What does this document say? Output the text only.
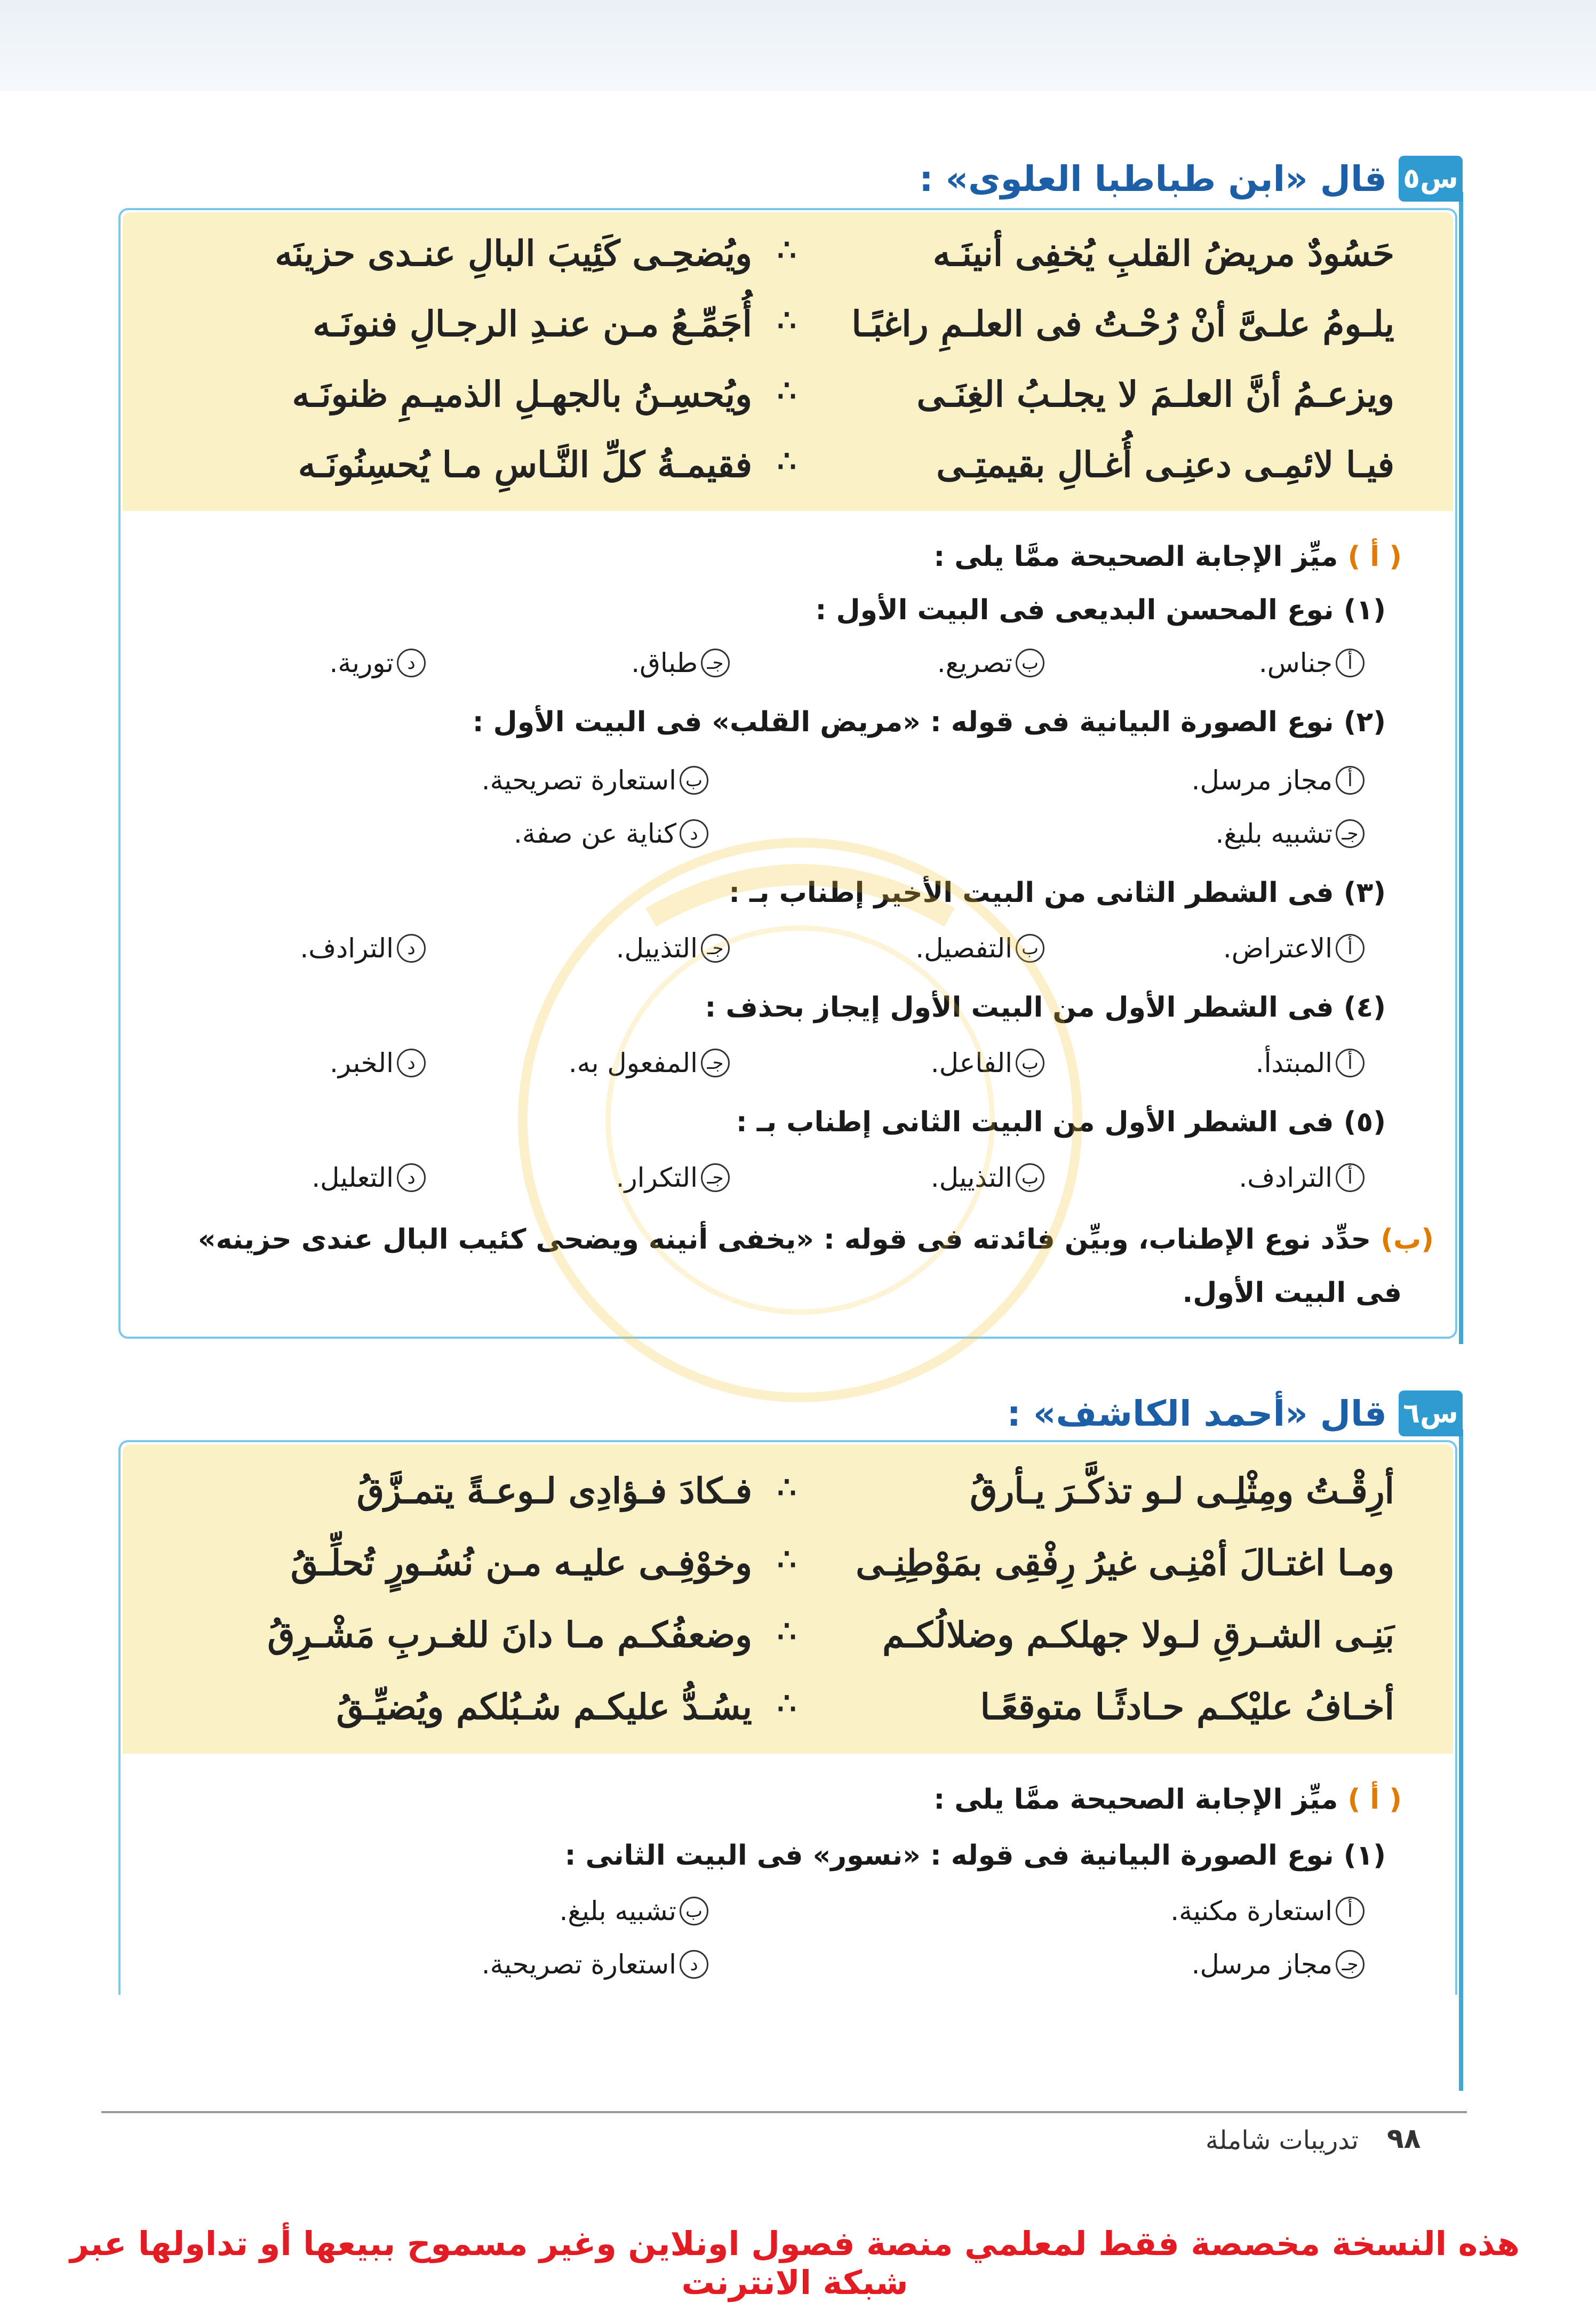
س٥
قال «ابن طباطبا العلوى» :
حَسُودٌ مريضُ القلبِ يُخفِى أنينَـه
∴
ويُضحِـى كَئِيبَ البالِ عنـدى حزينَه
يلـومُ علـىَّ أنْ رُحْـتُ فى العلـمِ راغبًـا
∴
أُجَمِّـعُ مـن عنـدِ الرجـالِ فنونَـه
ويزعـمُ أنَّ العلـمَ لا يجلـبُ الغِنَـى
∴
ويُحسِـنُ بالجهـلِ الذميـمِ ظنونَـه
فيـا لائمِـى دعنِـى أُغـالِ بقيمتِـى
∴
فقيمـةُ كلِّ النَّـاسِ مـا يُحسِنُونَـه
( أ ) ميِّز الإجابة الصحيحة ممَّا يلى :
(١) نوع المحسن البديعى فى البيت الأول :
أ
جناس.
ب
تصريع.
جـ
طباق.
د
تورية.
(٢) نوع الصورة البيانية فى قوله : «مريض القلب» فى البيت الأول :
أ
مجاز مرسل.
ب
استعارة تصريحية.
جـ
تشبيه بليغ.
د
كناية عن صفة.
(٣) فى الشطر الثانى من البيت الأخير إطناب بـ :
أ
الاعتراض.
ب
التفصيل.
جـ
التذييل.
د
الترادف.
(٤) فى الشطر الأول من البيت الأول إيجاز بحذف :
أ
المبتدأ.
ب
الفاعل.
جـ
المفعول به.
د
الخبر.
(٥) فى الشطر الأول من البيت الثانى إطناب بـ :
أ
الترادف.
ب
التذييل.
جـ
التكرار.
د
التعليل.
(ب) حدِّد نوع الإطناب، وبيِّن فائدته فى قوله : «يخفى أنينه ويضحى كئيب البال عندى حزينه»
فى البيت الأول.
س٦
قال «أحمد الكاشف» :
أرِقْـتُ ومِثْلِـى لـو تذكَّـرَ يـأرقُ
∴
فـكادَ فـؤادِى لـوعـةً يتمـزَّقُ
ومـا اغتـالَ أمْنِـى غيرُ رِفْقِى بمَوْطِنِـى
∴
وخوْفِـى عليـه مـن نُسُـورٍ تُحلِّـقُ
بَنِـى الشـرقِ لـولا جهلكـم وضلالُكـم
∴
وضعفُكـم مـا دانَ للغـربِ مَشْـرِقُ
أخـافُ عليْكـم حـادثًـا متوقعًـا
∴
يسُـدُّ عليكـم سُـبُلكم ويُضيِّـقُ
( أ ) ميِّز الإجابة الصحيحة ممَّا يلى :
(١) نوع الصورة البيانية فى قوله : «نسور» فى البيت الثانى :
أ
استعارة مكنية.
ب
تشبيه بليغ.
جـ
مجاز مرسل.
د
استعارة تصريحية.
٩٨
تدريبات شاملة
هذه النسخة مخصصة فقط لمعلمي منصة فصول اونلاين وغير مسموح ببيعها أو تداولها عبر شبكة الانترنت
